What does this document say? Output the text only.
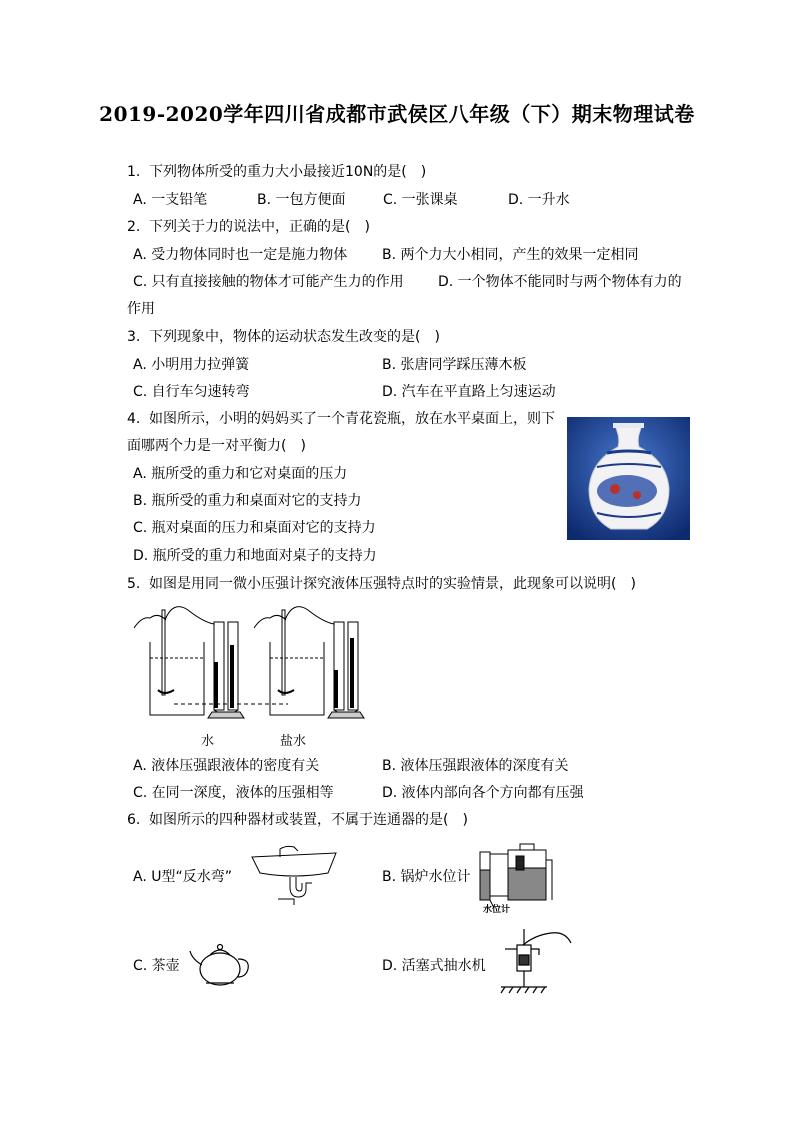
2019-2020学年四川省成都市武侯区八年级（下）期末物理试卷
1. 下列物体所受的重力大小最接近10N的是(　)
A. 一支铅笔	B. 一包方便面	C. 一张课桌	D. 一升水
2. 下列关于力的说法中，正确的是(　)
A. 受力物体同时也一定是施力物体 B. 两个力大小相同，产生的效果一定相同
C. 只有直接接触的物体才可能产生力的作用 D. 一个物体不能同时与两个物体有力的
作用
3. 下列现象中，物体的运动状态发生改变的是(　)
A. 小明用力拉弹簧	B. 张唐同学踩压薄木板
C. 自行车匀速转弯	D. 汽车在平直路上匀速运动
4. 如图所示，小明的妈妈买了一个青花瓷瓶，放在水平桌面上，则下
面哪两个力是一对平衡力(　)
A. 瓶所受的重力和它对桌面的压力
B. 瓶所受的重力和桌面对它的支持力
C. 瓶对桌面的压力和桌面对它的支持力
D. 瓶所受的重力和地面对桌子的支持力
5. 如图是用同一微小压强计探究液体压强特点时的实验情景，此现象可以说明(　)
水	盐水
A. 液体压强跟液体的密度有关	B. 液体压强跟液体的深度有关
C. 在同一深度，液体的压强相等	D. 液体内部向各个方向都有压强
6. 如图所示的四种器材或装置，不属于连通器的是(　)
A. U型“反水弯”	B. 锅炉水位计
水位计
C. 茶壶	D. 活塞式抽水机
